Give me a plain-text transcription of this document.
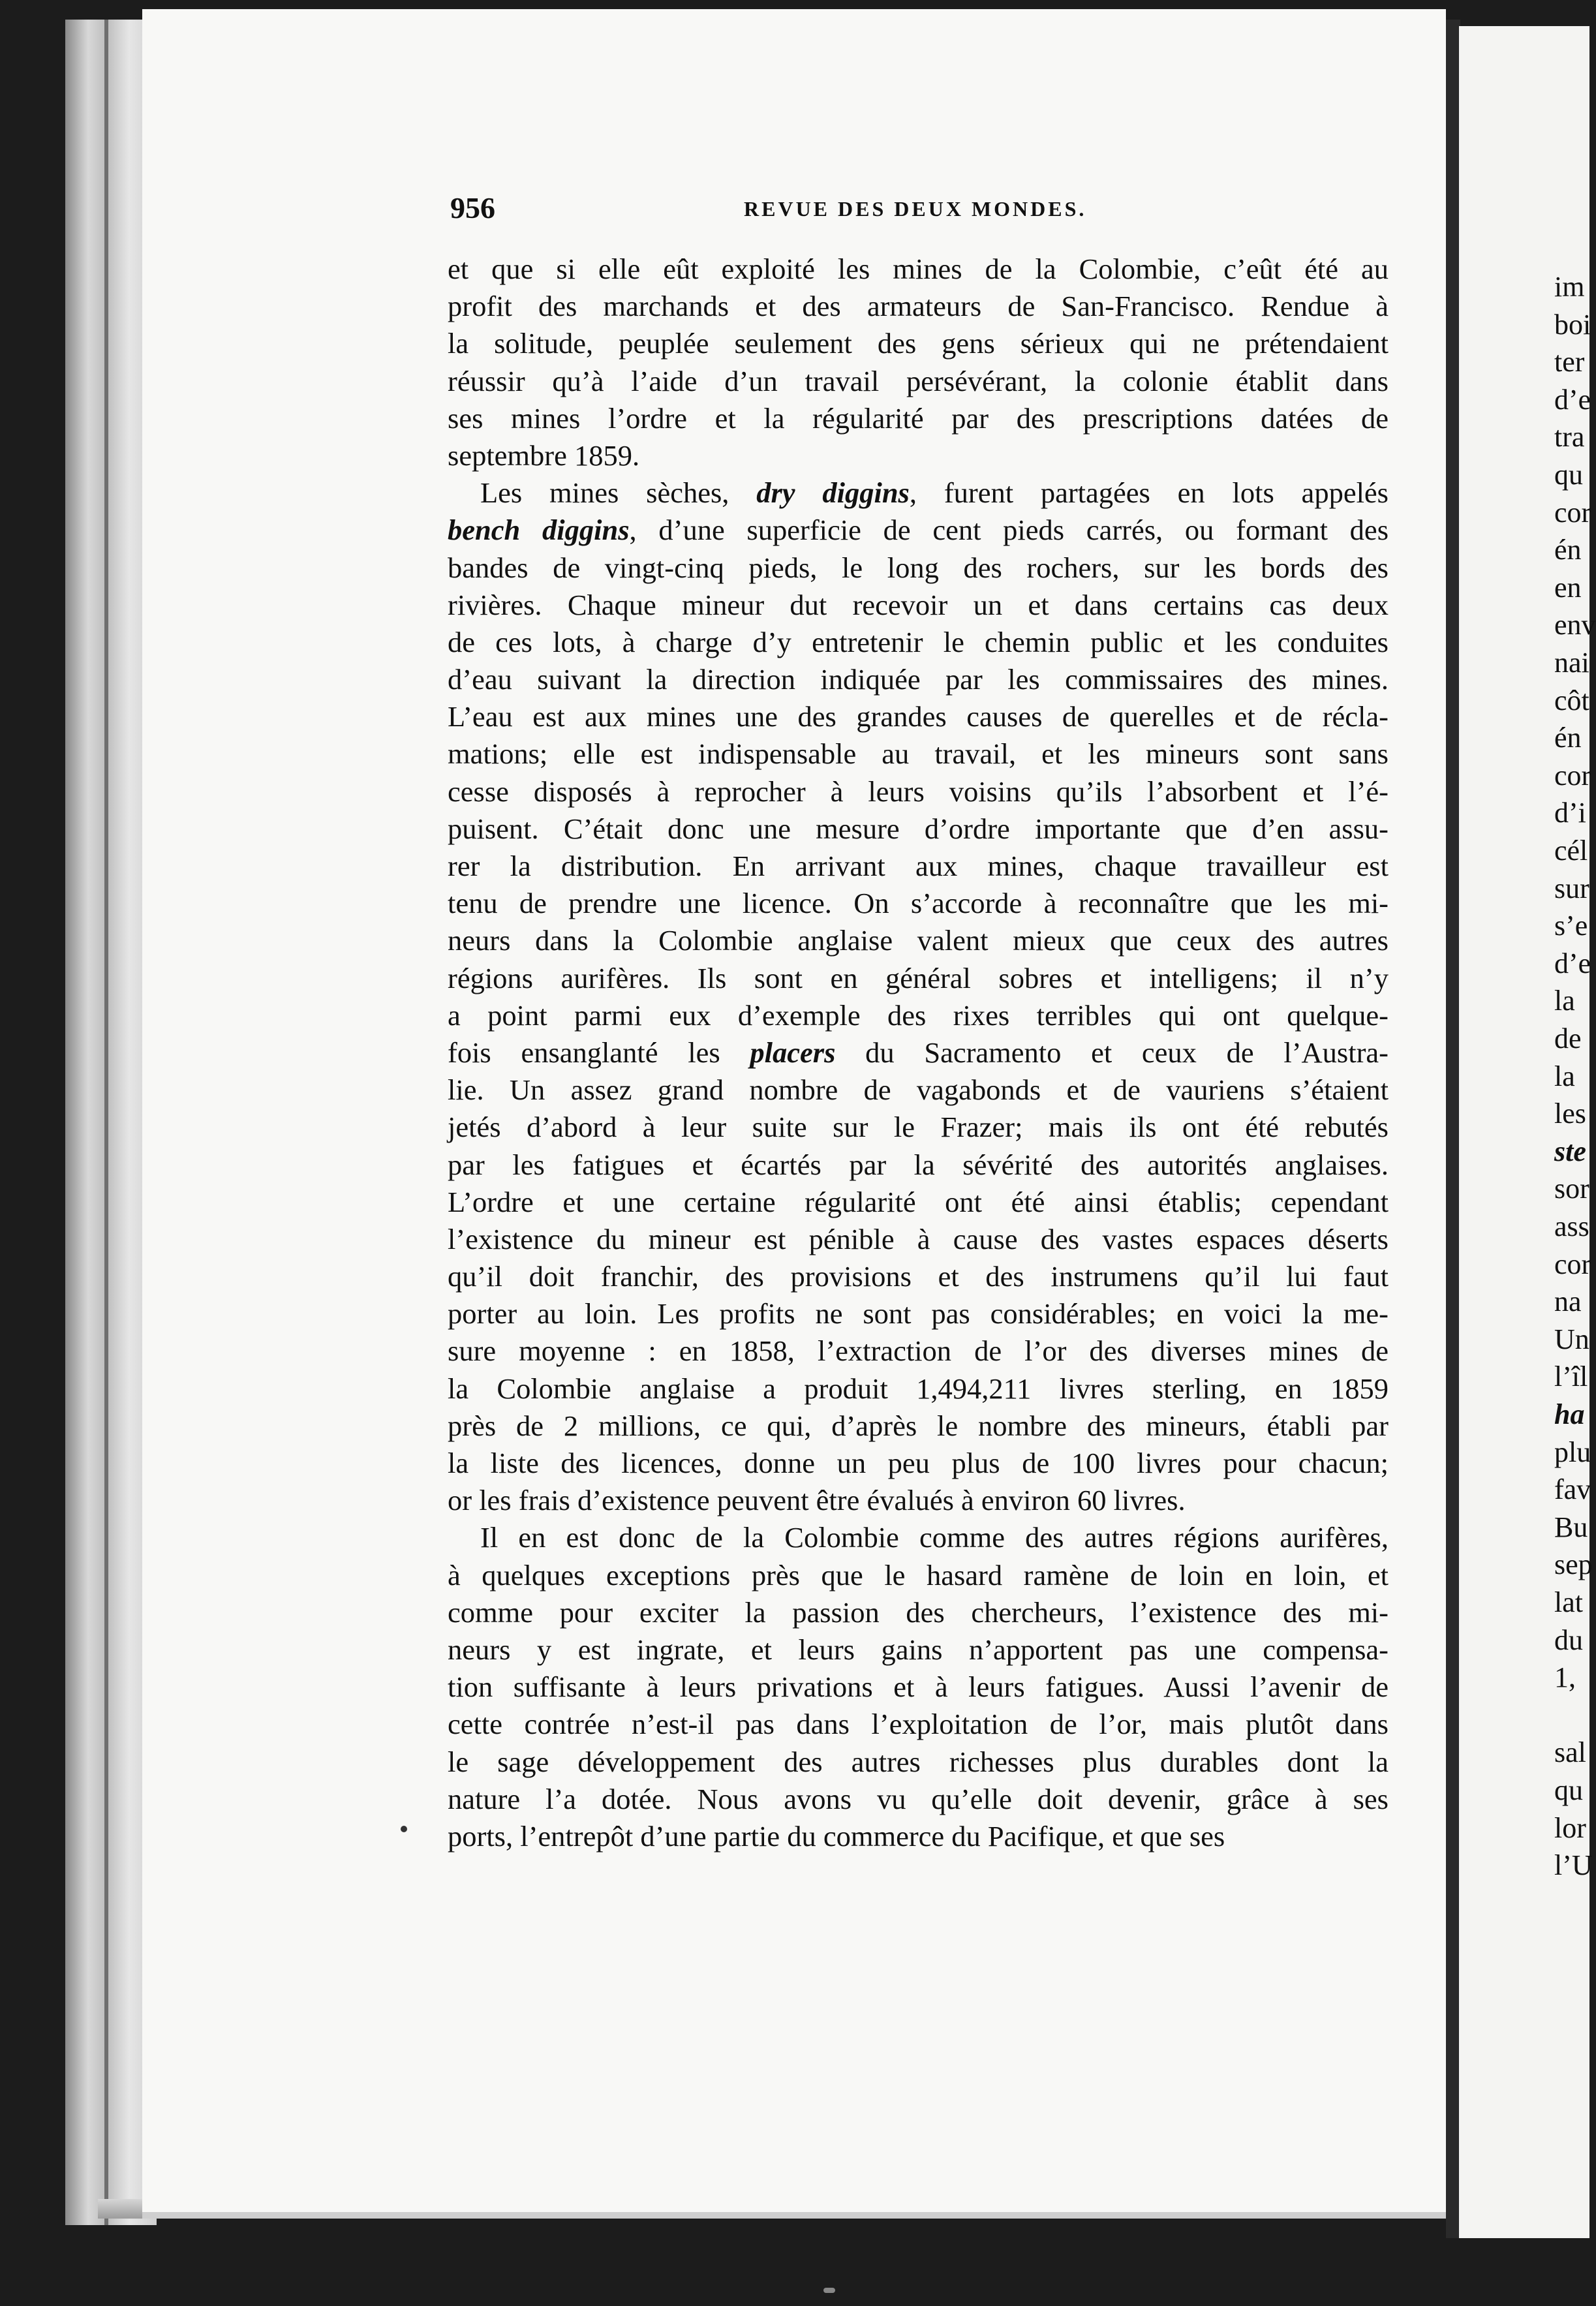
im
boi
ter
d’e
tra
qu
cor
én
en
env
nai
côt
én
cor
d’i
cél
sur
s’e
d’e
la
de
la
les
ste
sor
ass
cor
na
Un
l’îl
ha
plu
fav
Bu
sep
lat
du
1,
sal
qu
lor
l’U
956	REVUE DES DEUX MONDES.
et que si elle eût exploité les mines de la Colombie, c’eût été au
profit des marchands et des armateurs de San-Francisco. Rendue à
la solitude, peuplée seulement des gens sérieux qui ne prétendaient
réussir qu’à l’aide d’un travail persévérant, la colonie établit dans
ses mines l’ordre et la régularité par des prescriptions datées de
septembre 1859.
Les mines sèches, dry diggins, furent partagées en lots appelés
bench diggins, d’une superficie de cent pieds carrés, ou formant des
bandes de vingt-cinq pieds, le long des rochers, sur les bords des
rivières. Chaque mineur dut recevoir un et dans certains cas deux
de ces lots, à charge d’y entretenir le chemin public et les conduites
d’eau suivant la direction indiquée par les commissaires des mines.
L’eau est aux mines une des grandes causes de querelles et de récla-
mations; elle est indispensable au travail, et les mineurs sont sans
cesse disposés à reprocher à leurs voisins qu’ils l’absorbent et l’é-
puisent. C’était donc une mesure d’ordre importante que d’en assu-
rer la distribution. En arrivant aux mines, chaque travailleur est
tenu de prendre une licence. On s’accorde à reconnaître que les mi-
neurs dans la Colombie anglaise valent mieux que ceux des autres
régions aurifères. Ils sont en général sobres et intelligens; il n’y
a point parmi eux d’exemple des rixes terribles qui ont quelque-
fois ensanglanté les placers du Sacramento et ceux de l’Austra-
lie. Un assez grand nombre de vagabonds et de vauriens s’étaient
jetés d’abord à leur suite sur le Frazer; mais ils ont été rebutés
par les fatigues et écartés par la sévérité des autorités anglaises.
L’ordre et une certaine régularité ont été ainsi établis; cependant
l’existence du mineur est pénible à cause des vastes espaces déserts
qu’il doit franchir, des provisions et des instrumens qu’il lui faut
porter au loin. Les profits ne sont pas considérables; en voici la me-
sure moyenne : en 1858, l’extraction de l’or des diverses mines de
la Colombie anglaise a produit 1,494,211 livres sterling, en 1859
près de 2 millions, ce qui, d’après le nombre des mineurs, établi par
la liste des licences, donne un peu plus de 100 livres pour chacun;
or les frais d’existence peuvent être évalués à environ 60 livres.
Il en est donc de la Colombie comme des autres régions aurifères,
à quelques exceptions près que le hasard ramène de loin en loin, et
comme pour exciter la passion des chercheurs, l’existence des mi-
neurs y est ingrate, et leurs gains n’apportent pas une compensa-
tion suffisante à leurs privations et à leurs fatigues. Aussi l’avenir de
cette contrée n’est-il pas dans l’exploitation de l’or, mais plutôt dans
le sage développement des autres richesses plus durables dont la
nature l’a dotée. Nous avons vu qu’elle doit devenir, grâce à ses
ports, l’entrepôt d’une partie du commerce du Pacifique, et que ses
